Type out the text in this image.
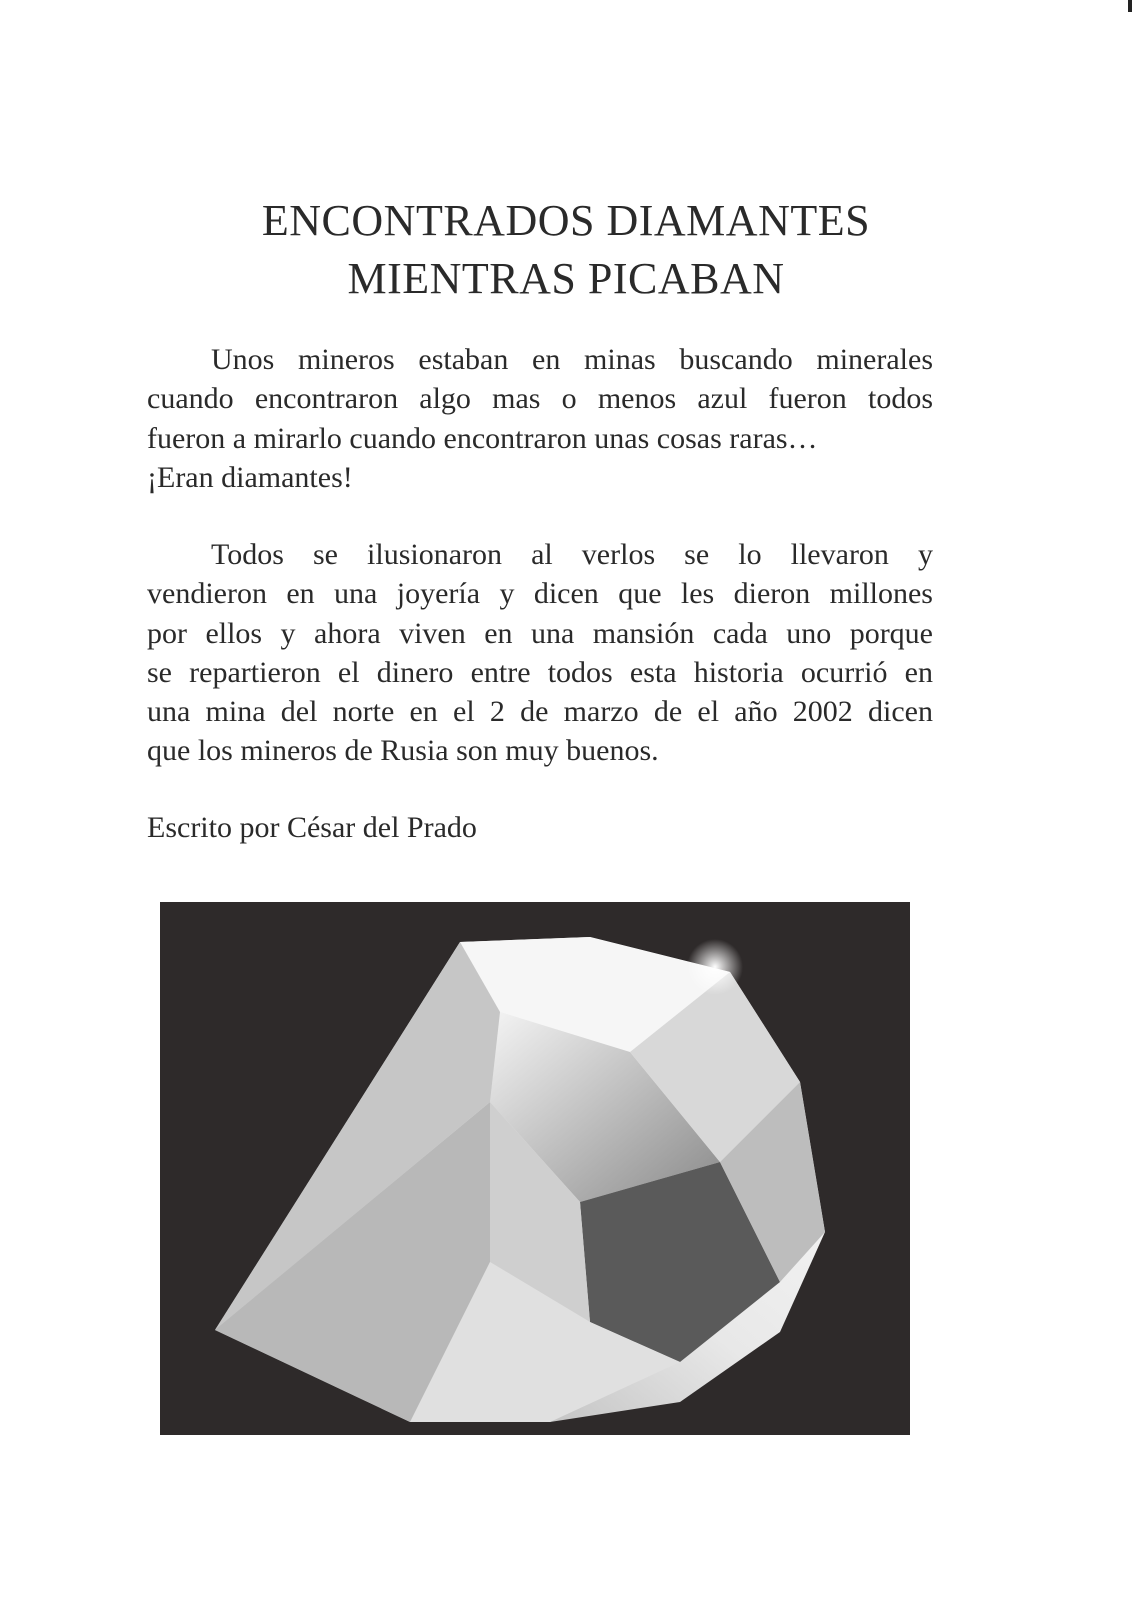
ENCONTRADOS DIAMANTES
MIENTRAS PICABAN
Unos mineros estaban en minas buscando minerales
cuando encontraron algo mas o menos azul fueron todos
fueron a mirarlo cuando encontraron unas cosas raras…
¡Eran diamantes!
Todos se ilusionaron al verlos se lo llevaron y
vendieron en una joyería y dicen que les dieron millones
por ellos y ahora viven en una mansión cada uno porque
se repartieron el dinero entre todos esta historia ocurrió en
una mina del norte en el 2 de marzo de el año 2002 dicen
que los mineros de Rusia son muy buenos.
Escrito por César del Prado
